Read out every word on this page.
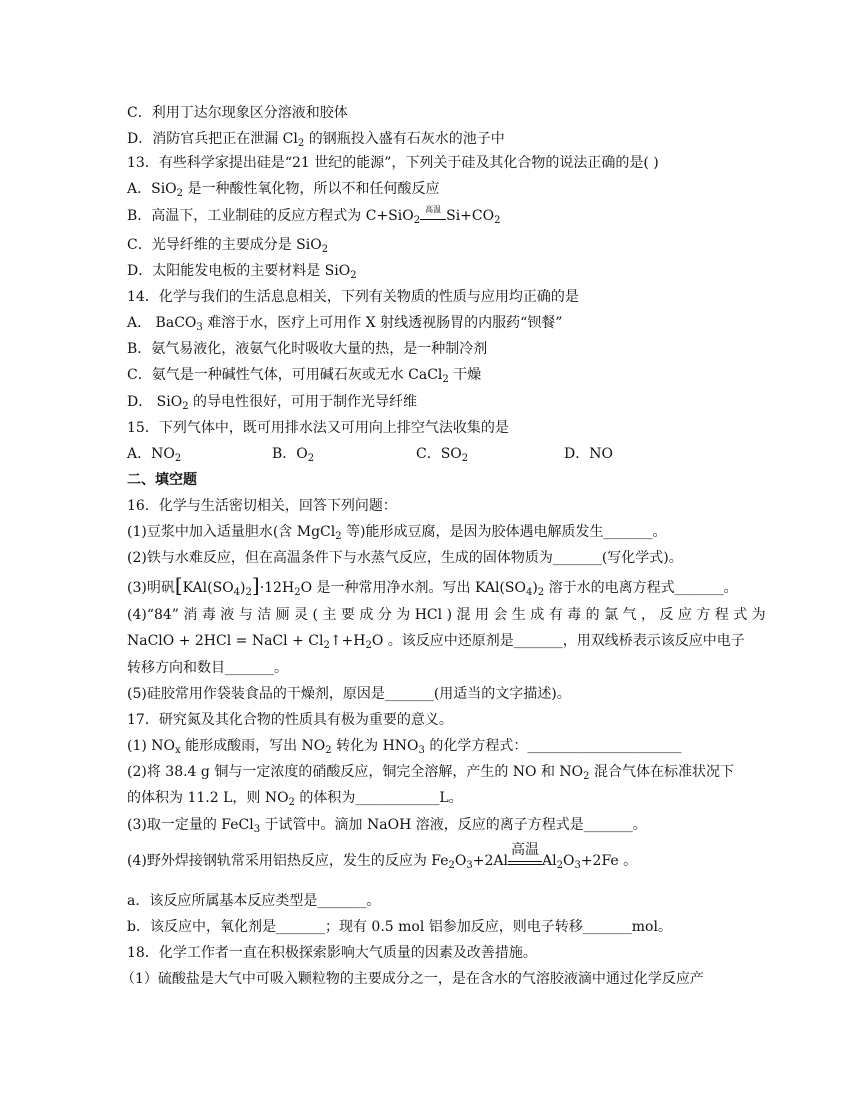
C．利用丁达尔现象区分溶液和胶体
D．消防官兵把正在泄漏 $Cl_2$ 的钢瓶投入盛有石灰水的池子中
13．有些科学家提出硅是“21 世纪的能源”，下列关于硅及其化合物的说法正确的是( )
A．SiO$_2$ 是一种酸性氧化物，所以不和任何酸反应
B．高温下，工业制硅的反应方程式为 C+SiO$_2$
高温 $Si+CO_2$
C．光导纤维的主要成分是 SiO$_2$
D．太阳能发电板的主要材料是 SiO$_2$
14．化学与我们的生活息息相关，下列有关物质的性质与应用均正确的是
A． BaCO$_3$ 难溶于水，医疗上可用作 X 射线透视肠胃的内服药“钡餐”
B．氨气易液化，液氨气化时吸收大量的热，是一种制冷剂
C．氨气是一种碱性气体，可用碱石灰或无水 CaCl$_2$ 干燥
D． SiO$_2$ 的导电性很好，可用于制作光导纤维
15．下列气体中，既可用排水法又可用向上排空气法收集的是
A．$NO_2$	B．$O_2$	C．$SO_2$	D．NO
二、填空题
16．化学与生活密切相关，回答下列问题：
(1)豆浆中加入适量胆水(含 MgCl$_2$ 等)能形成豆腐，是因为胶体遇电解质发生_______。
(2)铁与水难反应，但在高温条件下与水蒸气反应，生成的固体物质为_______(写化学式)。
(3)明矾$[KAl(SO_4)_2]\cdot 12H_2O$ 是一种常用净水剂。写出 $KAl(SO_4)_2$ 溶于水的电离方程式_______。
(4)“84” 消 毒 液 与 洁 厕 灵 ( 主 要 成 分 为 HCl ) 混 用 会 生 成 有 毒 的 氯 气 ， 反 应 方 程 式 为
NaClO + 2HCl = NaCl + $Cl_2↑+H_2O$ 。该反应中还原剂是_______，用双线桥表示该反应中电子
转移方向和数目_______。
(5)硅胶常用作袋装食品的干燥剂，原因是_______(用适当的文字描述)。
17．研究氮及其化合物的性质具有极为重要的意义。
(1) $NO_x$ 能形成酸雨，写出 $NO_2$ 转化为 $HNO_3$ 的化学方程式：______________________
(2)将 38.4 g 铜与一定浓度的硝酸反应，铜完全溶解，产生的 NO 和 $NO_2$ 混合气体在标准状况下
的体积为 11.2 L，则 $NO_2$ 的体积为____________L。
(3)取一定量的 FeCl$_3$ 于试管中。滴加 NaOH 溶液，反应的离子方程式是_______。
(4)野外焊接钢轨常采用铝热反应，发生的反应为 $Fe_2O_3+2Al$
高温
$Al_2O_3+2Fe$ 。
a．该反应所属基本反应类型是_______。
b．该反应中，氧化剂是_______；现有 0.5 mol 铝参加反应，则电子转移_______mol。
18．化学工作者一直在积极探索影响大气质量的因素及改善措施。
（1）硫酸盐是大气中可吸入颗粒物的主要成分之一，是在含水的气溶胶液滴中通过化学反应产
